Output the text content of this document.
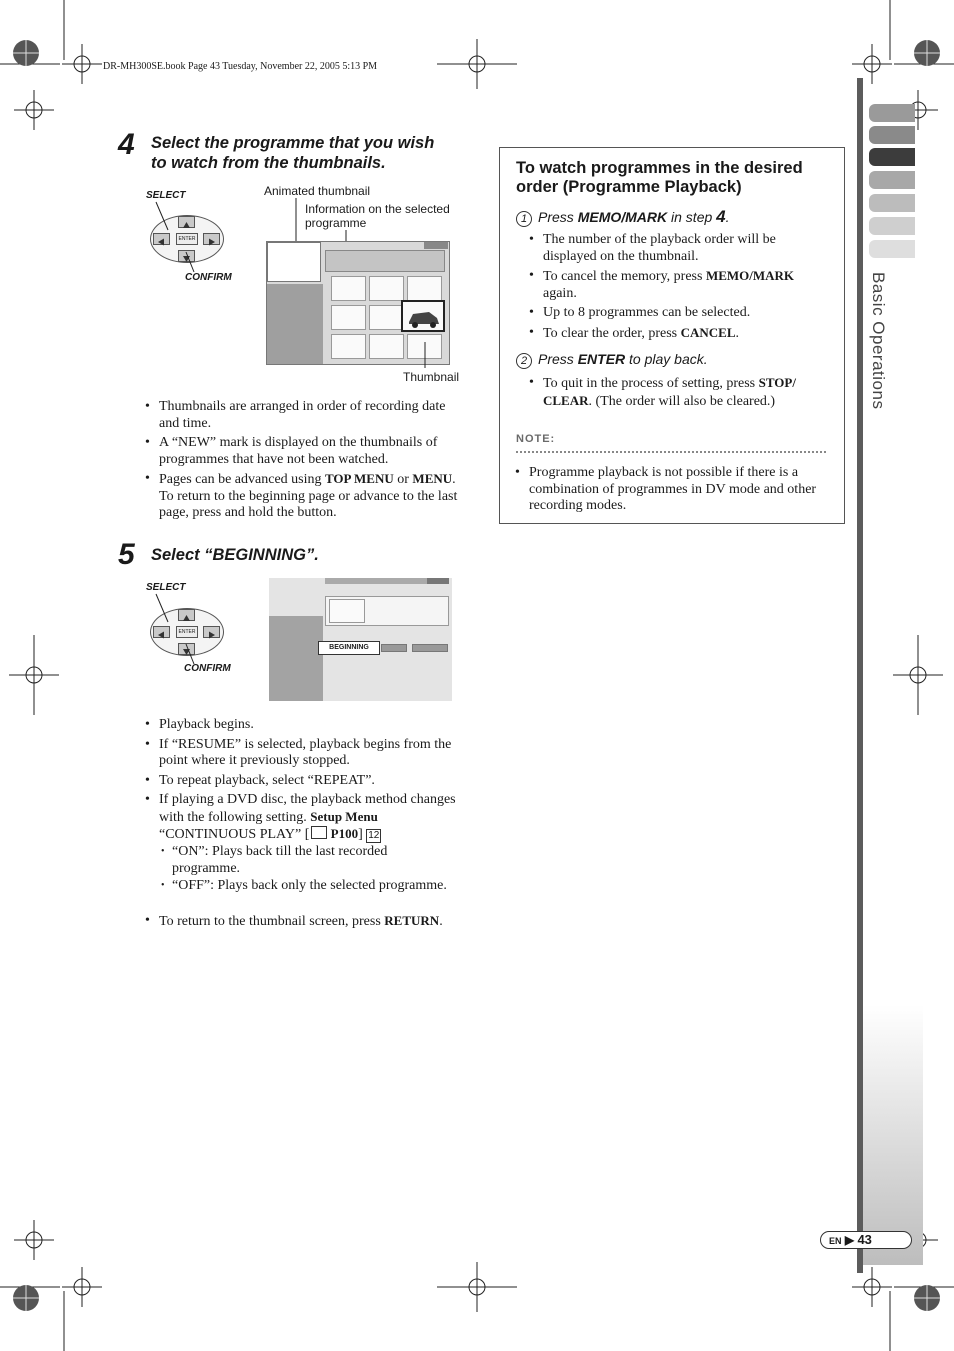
DR-MH300SE.book Page 43 Tuesday, November 22, 2005 5:13 PM
4 Select the programme that you wish
to watch from the thumbnails.
SELECT
ENTER
CONFIRM
Animated thumbnail
Information on the selected
programme
Thumbnail
• Thumbnails are arranged in order of recording date and time.
• A “NEW” mark is displayed on the thumbnails of programmes that have not been watched.
• Pages can be advanced using TOP MENU or MENU. To return to the beginning page or advance to the last page, press and hold the button.
5 Select “BEGINNING”.
SELECT
ENTER
CONFIRM
BEGINNING
• Playback begins.
• If “RESUME” is selected, playback begins from the point where it previously stopped.
• To repeat playback, select “REPEAT”.
• If playing a DVD disc, the playback method changes with the following setting. Setup Menu “CONTINUOUS PLAY” [ P100] 12
• “ON”: Plays back till the last recorded programme.
• “OFF”: Plays back only the selected programme.
• To return to the thumbnail screen, press RETURN.
To watch programmes in the desired
order (Programme Playback)
1 Press MEMO/MARK in step 4.
• The number of the playback order will be displayed on the thumbnail.
• To cancel the memory, press MEMO/MARK again.
• Up to 8 programmes can be selected.
• To clear the order, press CANCEL.
2 Press ENTER to play back.
• To quit in the process of setting, press STOP/ CLEAR. (The order will also be cleared.)
NOTE:
• Programme playback is not possible if there is a combination of programmes in DV mode and other recording modes.
Basic Operations
EN ▶ 43
